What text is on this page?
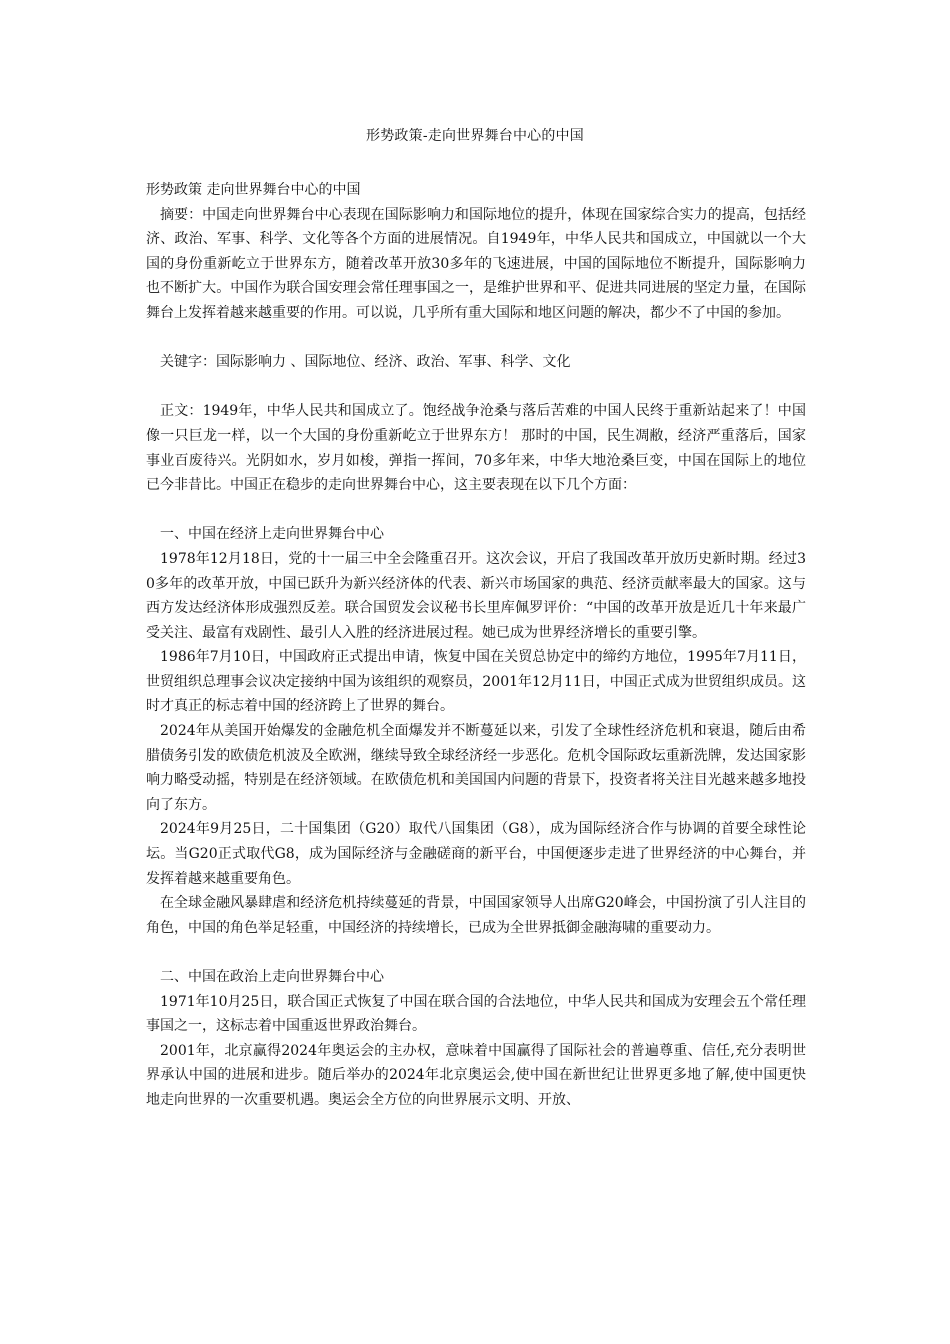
形势政策-走向世界舞台中心的中国

形势政策 走向世界舞台中心的中国

摘要：中国走向世界舞台中心表现在国际影响力和国际地位的提升，体现在国家综合实力的提高，包括经济、政治、军事、科学、文化等各个方面的进展情况。自1949年，中华人民共和国成立，中国就以一个大国的身份重新屹立于世界东方，随着改革开放30多年的飞速进展，中国的国际地位不断提升，国际影响力也不断扩大。中国作为联合国安理会常任理事国之一，是维护世界和平、促进共同进展的坚定力量，在国际舞台上发挥着越来越重要的作用。可以说，几乎所有重大国际和地区问题的解决，都少不了中国的参加。

关键字：国际影响力 、国际地位、经济、政治、军事、科学、文化

正文：1949年，中华人民共和国成立了。饱经战争沧桑与落后苦难的中国人民终于重新站起来了！中国像一只巨龙一样，以一个大国的身份重新屹立于世界东方！ 那时的中国，民生凋敝，经济严重落后，国家事业百废待兴。光阴如水，岁月如梭，弹指一挥间，70多年来，中华大地沧桑巨变，中国在国际上的地位已今非昔比。中国正在稳步的走向世界舞台中心，这主要表现在以下几个方面：

一、中国在经济上走向世界舞台中心

1978年12月18日，党的十一届三中全会隆重召开。这次会议，开启了我国改革开放历史新时期。经过30多年的改革开放，中国已跃升为新兴经济体的代表、新兴市场国家的典范、经济贡献率最大的国家。这与西方发达经济体形成强烈反差。联合国贸发会议秘书长里库佩罗评价：“中国的改革开放是近几十年来最广受关注、最富有戏剧性、最引人入胜的经济进展过程。她已成为世界经济增长的重要引擎。

1986年7月10日，中国政府正式提出申请，恢复中国在关贸总协定中的缔约方地位，1995年7月11日，世贸组织总理事会议决定接纳中国为该组织的观察员，2001年12月11日，中国正式成为世贸组织成员。这时才真正的标志着中国的经济跨上了世界的舞台。

2024年从美国开始爆发的金融危机全面爆发并不断蔓延以来，引发了全球性经济危机和衰退，随后由希腊债务引发的欧债危机波及全欧洲，继续导致全球经济经一步恶化。危机令国际政坛重新洗牌，发达国家影响力略受动摇，特别是在经济领域。在欧债危机和美国国内问题的背景下，投资者将关注目光越来越多地投向了东方。

2024年9月25日，二十国集团（G20）取代八国集团（G8），成为国际经济合作与协调的首要全球性论坛。当G20正式取代G8，成为国际经济与金融磋商的新平台，中国便逐步走进了世界经济的中心舞台，并发挥着越来越重要角色。

在全球金融风暴肆虐和经济危机持续蔓延的背景，中国国家领导人出席G20峰会，中国扮演了引人注目的角色，中国的角色举足轻重，中国经济的持续增长，已成为全世界抵御金融海啸的重要动力。

二、中国在政治上走向世界舞台中心

1971年10月25日，联合国正式恢复了中国在联合国的合法地位，中华人民共和国成为安理会五个常任理事国之一，这标志着中国重返世界政治舞台。

2001年，北京赢得2024年奥运会的主办权，意味着中国赢得了国际社会的普遍尊重、信任,充分表明世界承认中国的进展和进步。随后举办的2024年北京奥运会,使中国在新世纪让世界更多地了解,使中国更快地走向世界的一次重要机遇。奥运会全方位的向世界展示文明、开放、
